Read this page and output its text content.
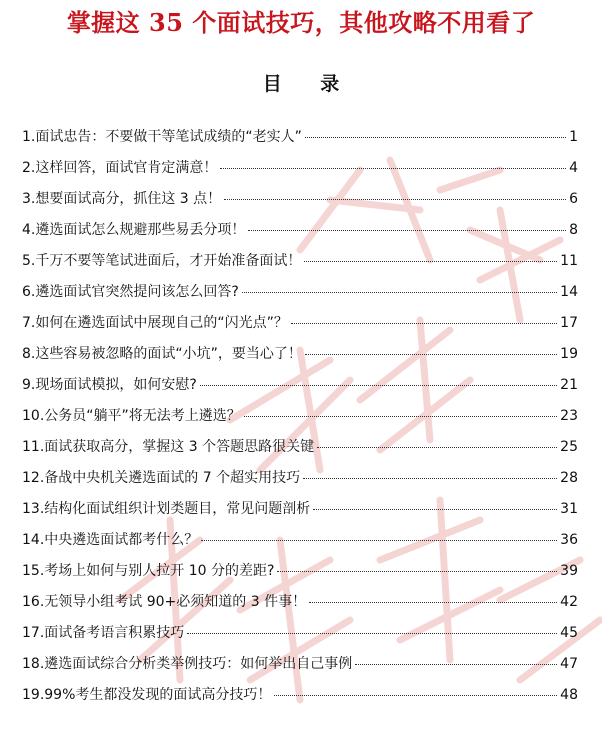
掌握这 35 个面试技巧，其他攻略不用看了
目 录
1.面试忠告：不要做干等笔试成绩的“老实人”	1
2.这样回答，面试官肯定满意！	4
3.想要面试高分，抓住这 3 点！	6
4.遴选面试怎么规避那些易丢分项！	8
5.千万不要等笔试进面后，才开始准备面试！	11
6.遴选面试官突然提问该怎么回答?	14
7.如何在遴选面试中展现自己的“闪光点”？	17
8.这些容易被忽略的面试“小坑”，要当心了！	19
9.现场面试模拟，如何安慰?	21
10.公务员“躺平”将无法考上遴选？	23
11.面试获取高分，掌握这 3 个答题思路很关键	25
12.备战中央机关遴选面试的 7 个超实用技巧	28
13.结构化面试组织计划类题目，常见问题剖析	31
14.中央遴选面试都考什么？	36
15.考场上如何与别人拉开 10 分的差距?	39
16.无领导小组考试 90+必须知道的 3 件事！	42
17.面试备考语言积累技巧	45
18.遴选面试综合分析类举例技巧：如何举出自己事例	47
19.99%考生都没发现的面试高分技巧！	48
